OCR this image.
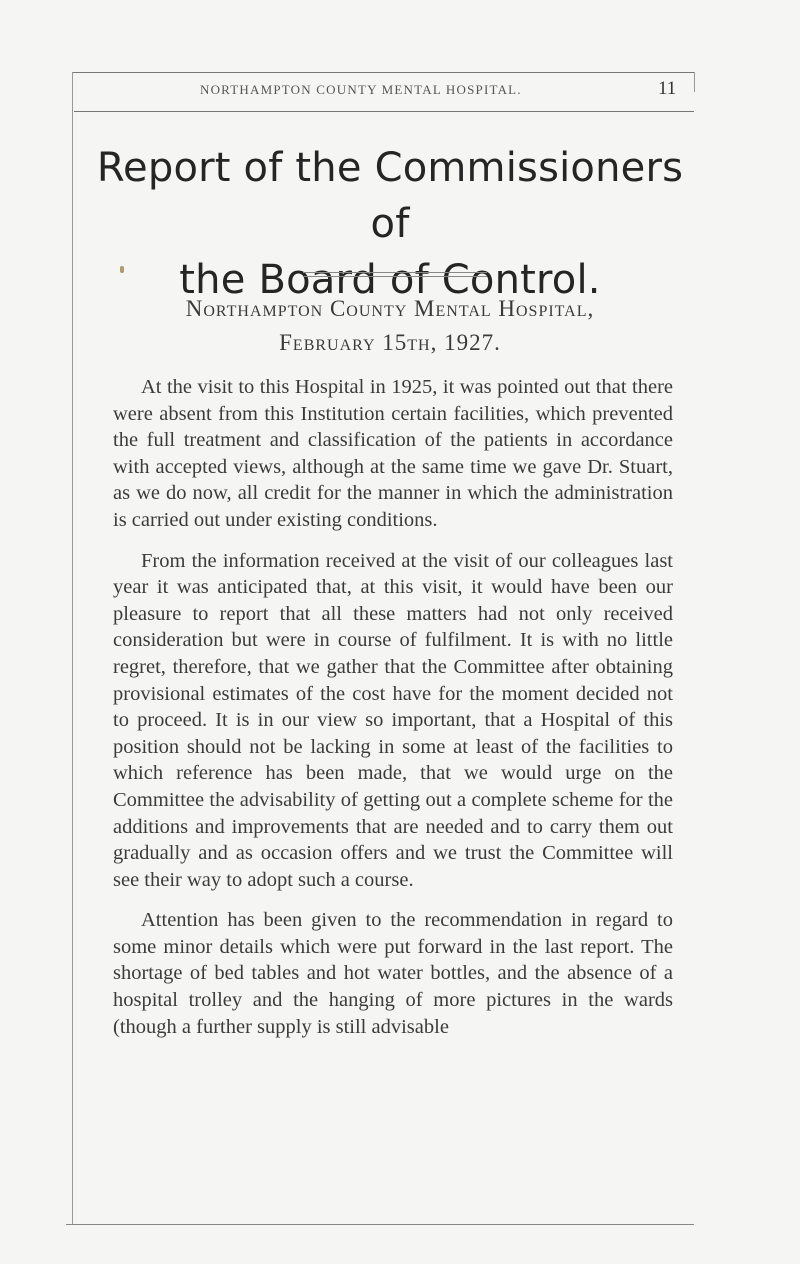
NORTHAMPTON COUNTY MENTAL HOSPITAL.	11
Report of the Commissioners of
the Board of Control.
Northampton County Mental Hospital,
February 15th, 1927.

At the visit to this Hospital in 1925, it was pointed out that there were absent from this Institution certain facilities, which prevented the full treatment and classification of the patients in accordance with accepted views, although at the same time we gave Dr. Stuart, as we do now, all credit for the manner in which the administration is carried out under existing conditions.

From the information received at the visit of our colleagues last year it was anticipated that, at this visit, it would have been our pleasure to report that all these matters had not only received consideration but were in course of fulfilment. It is with no little regret, therefore, that we gather that the Committee after obtaining provisional estimates of the cost have for the moment decided not to proceed. It is in our view so important, that a Hospital of this position should not be lacking in some at least of the facilities to which reference has been made, that we would urge on the Committee the advisability of getting out a complete scheme for the additions and improvements that are needed and to carry them out gradually and as occasion offers and we trust the Committee will see their way to adopt such a course.

Attention has been given to the recommendation in regard to some minor details which were put forward in the last report. The shortage of bed tables and hot water bottles, and the absence of a hospital trolley and the hanging of more pictures in the wards (though a further supply is still advisable
